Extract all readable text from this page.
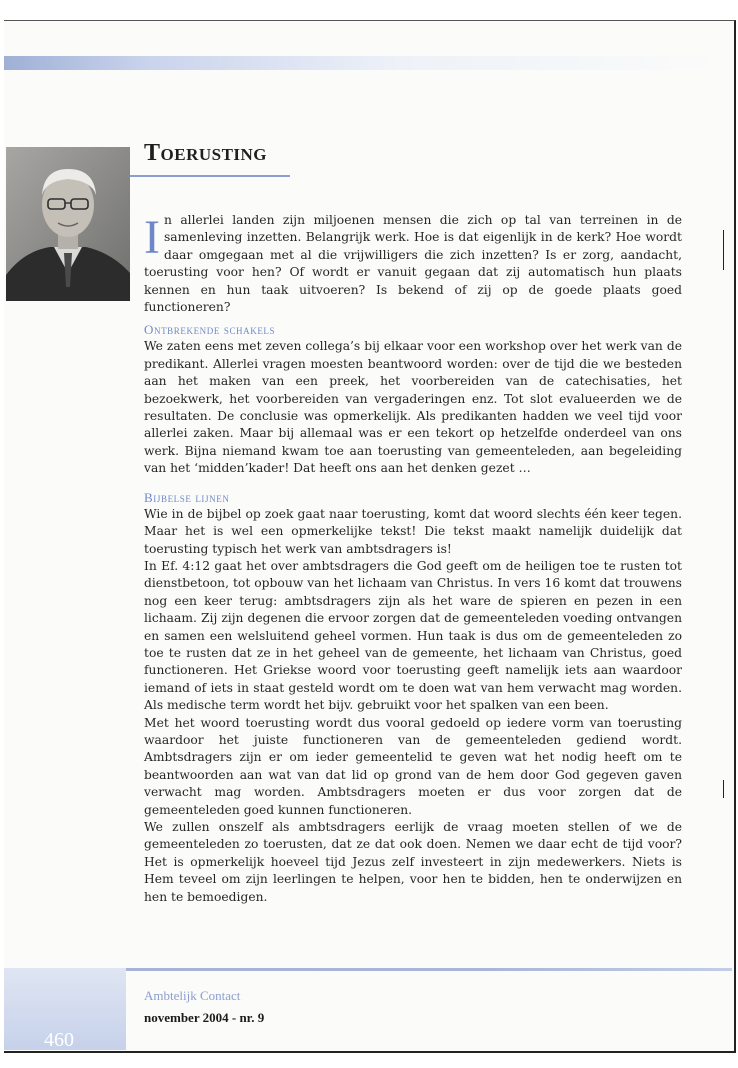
Toerusting

In allerlei landen zijn miljoenen mensen die zich op tal van terreinen in de samenleving inzetten. Belangrijk werk. Hoe is dat eigenlijk in de kerk? Hoe wordt daar omgegaan met al die vrijwilligers die zich inzetten? Is er zorg, aandacht, toerusting voor hen? Of wordt er vanuit gegaan dat zij automatisch hun plaats kennen en hun taak uitvoeren? Is bekend of zij op de goede plaats goed functioneren?

Ontbrekende schakels

We zaten eens met zeven collega’s bij elkaar voor een workshop over het werk van de predikant. Allerlei vragen moesten beantwoord worden: over de tijd die we besteden aan het maken van een preek, het voorbereiden van de catechisaties, het bezoekwerk, het voorbereiden van vergaderingen enz. Tot slot evalueerden we de resultaten. De conclusie was opmerkelijk. Als predikanten hadden we veel tijd voor allerlei zaken. Maar bij allemaal was er een tekort op hetzelfde onderdeel van ons werk. Bijna niemand kwam toe aan toerusting van gemeenteleden, aan begeleiding van het ‘midden’kader! Dat heeft ons aan het denken gezet …

Bijbelse lijnen

Wie in de bijbel op zoek gaat naar toerusting, komt dat woord slechts één keer tegen. Maar het is wel een opmerkelijke tekst! Die tekst maakt namelijk duidelijk dat toerusting typisch het werk van ambtsdragers is!

In Ef. 4:12 gaat het over ambtsdragers die God geeft om de heiligen toe te rusten tot dienstbetoon, tot opbouw van het lichaam van Christus. In vers 16 komt dat trouwens nog een keer terug: ambtsdragers zijn als het ware de spieren en pezen in een lichaam. Zij zijn degenen die ervoor zorgen dat de gemeenteleden voeding ontvangen en samen een welsluitend geheel vormen. Hun taak is dus om de gemeenteleden zo toe te rusten dat ze in het geheel van de gemeente, het lichaam van Christus, goed functioneren. Het Griekse woord voor toerusting geeft namelijk iets aan waardoor iemand of iets in staat gesteld wordt om te doen wat van hem verwacht mag worden. Als medische term wordt het bijv. gebruikt voor het spalken van een been.

Met het woord toerusting wordt dus vooral gedoeld op iedere vorm van toerusting waardoor het juiste functioneren van de gemeenteleden gediend wordt. Ambtsdragers zijn er om ieder gemeentelid te geven wat het nodig heeft om te beantwoorden aan wat van dat lid op grond van de hem door God gegeven gaven verwacht mag worden. Ambtsdragers moeten er dus voor zorgen dat de gemeenteleden goed kunnen functioneren.

We zullen onszelf als ambtsdragers eerlijk de vraag moeten stellen of we de gemeenteleden zo toerusten, dat ze dat ook doen. Nemen we daar echt de tijd voor? Het is opmerkelijk hoeveel tijd Jezus zelf investeert in zijn medewerkers. Niets is Hem teveel om zijn leerlingen te helpen, voor hen te bidden, hen te onderwijzen en hen te bemoedigen.

460
Ambtelijk Contact
november 2004 - nr. 9
